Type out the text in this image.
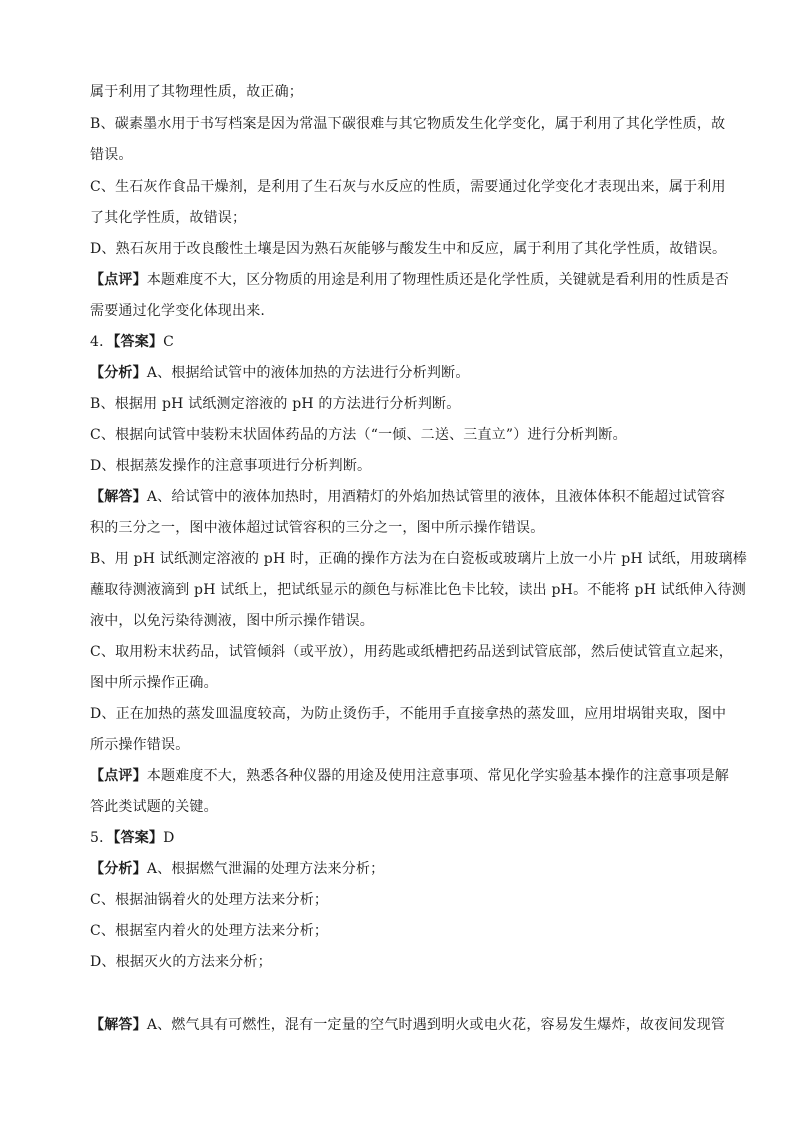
属于利用了其物理性质，故正确；
B、碳素墨水用于书写档案是因为常温下碳很难与其它物质发生化学变化，属于利用了其化学性质，故
错误。
C、生石灰作食品干燥剂，是利用了生石灰与水反应的性质，需要通过化学变化才表现出来，属于利用
了其化学性质，故错误；
D、熟石灰用于改良酸性土壤是因为熟石灰能够与酸发生中和反应，属于利用了其化学性质，故错误。
【点评】本题难度不大，区分物质的用途是利用了物理性质还是化学性质，关键就是看利用的性质是否
需要通过化学变化体现出来.
4．【答案】C
【分析】A、根据给试管中的液体加热的方法进行分析判断。
B、根据用 pH 试纸测定溶液的 pH 的方法进行分析判断。
C、根据向试管中装粉末状固体药品的方法（“一倾、二送、三直立”）进行分析判断。
D、根据蒸发操作的注意事项进行分析判断。
【解答】A、给试管中的液体加热时，用酒精灯的外焰加热试管里的液体，且液体体积不能超过试管容
积的三分之一，图中液体超过试管容积的三分之一，图中所示操作错误。
B、用 pH 试纸测定溶液的 pH 时，正确的操作方法为在白瓷板或玻璃片上放一小片 pH 试纸，用玻璃棒
蘸取待测液滴到 pH 试纸上，把试纸显示的颜色与标准比色卡比较，读出 pH。不能将 pH 试纸伸入待测
液中，以免污染待测液，图中所示操作错误。
C、取用粉末状药品，试管倾斜（或平放），用药匙或纸槽把药品送到试管底部，然后使试管直立起来，
图中所示操作正确。
D、正在加热的蒸发皿温度较高，为防止烫伤手，不能用手直接拿热的蒸发皿，应用坩埚钳夹取，图中
所示操作错误。
【点评】本题难度不大，熟悉各种仪器的用途及使用注意事项、常见化学实验基本操作的注意事项是解
答此类试题的关键。
5．【答案】D
【分析】A、根据燃气泄漏的处理方法来分析；
C、根据油锅着火的处理方法来分析；
C、根据室内着火的处理方法来分析；
D、根据灭火的方法来分析；
【解答】A、燃气具有可燃性，混有一定量的空气时遇到明火或电火花，容易发生爆炸，故夜间发现管
